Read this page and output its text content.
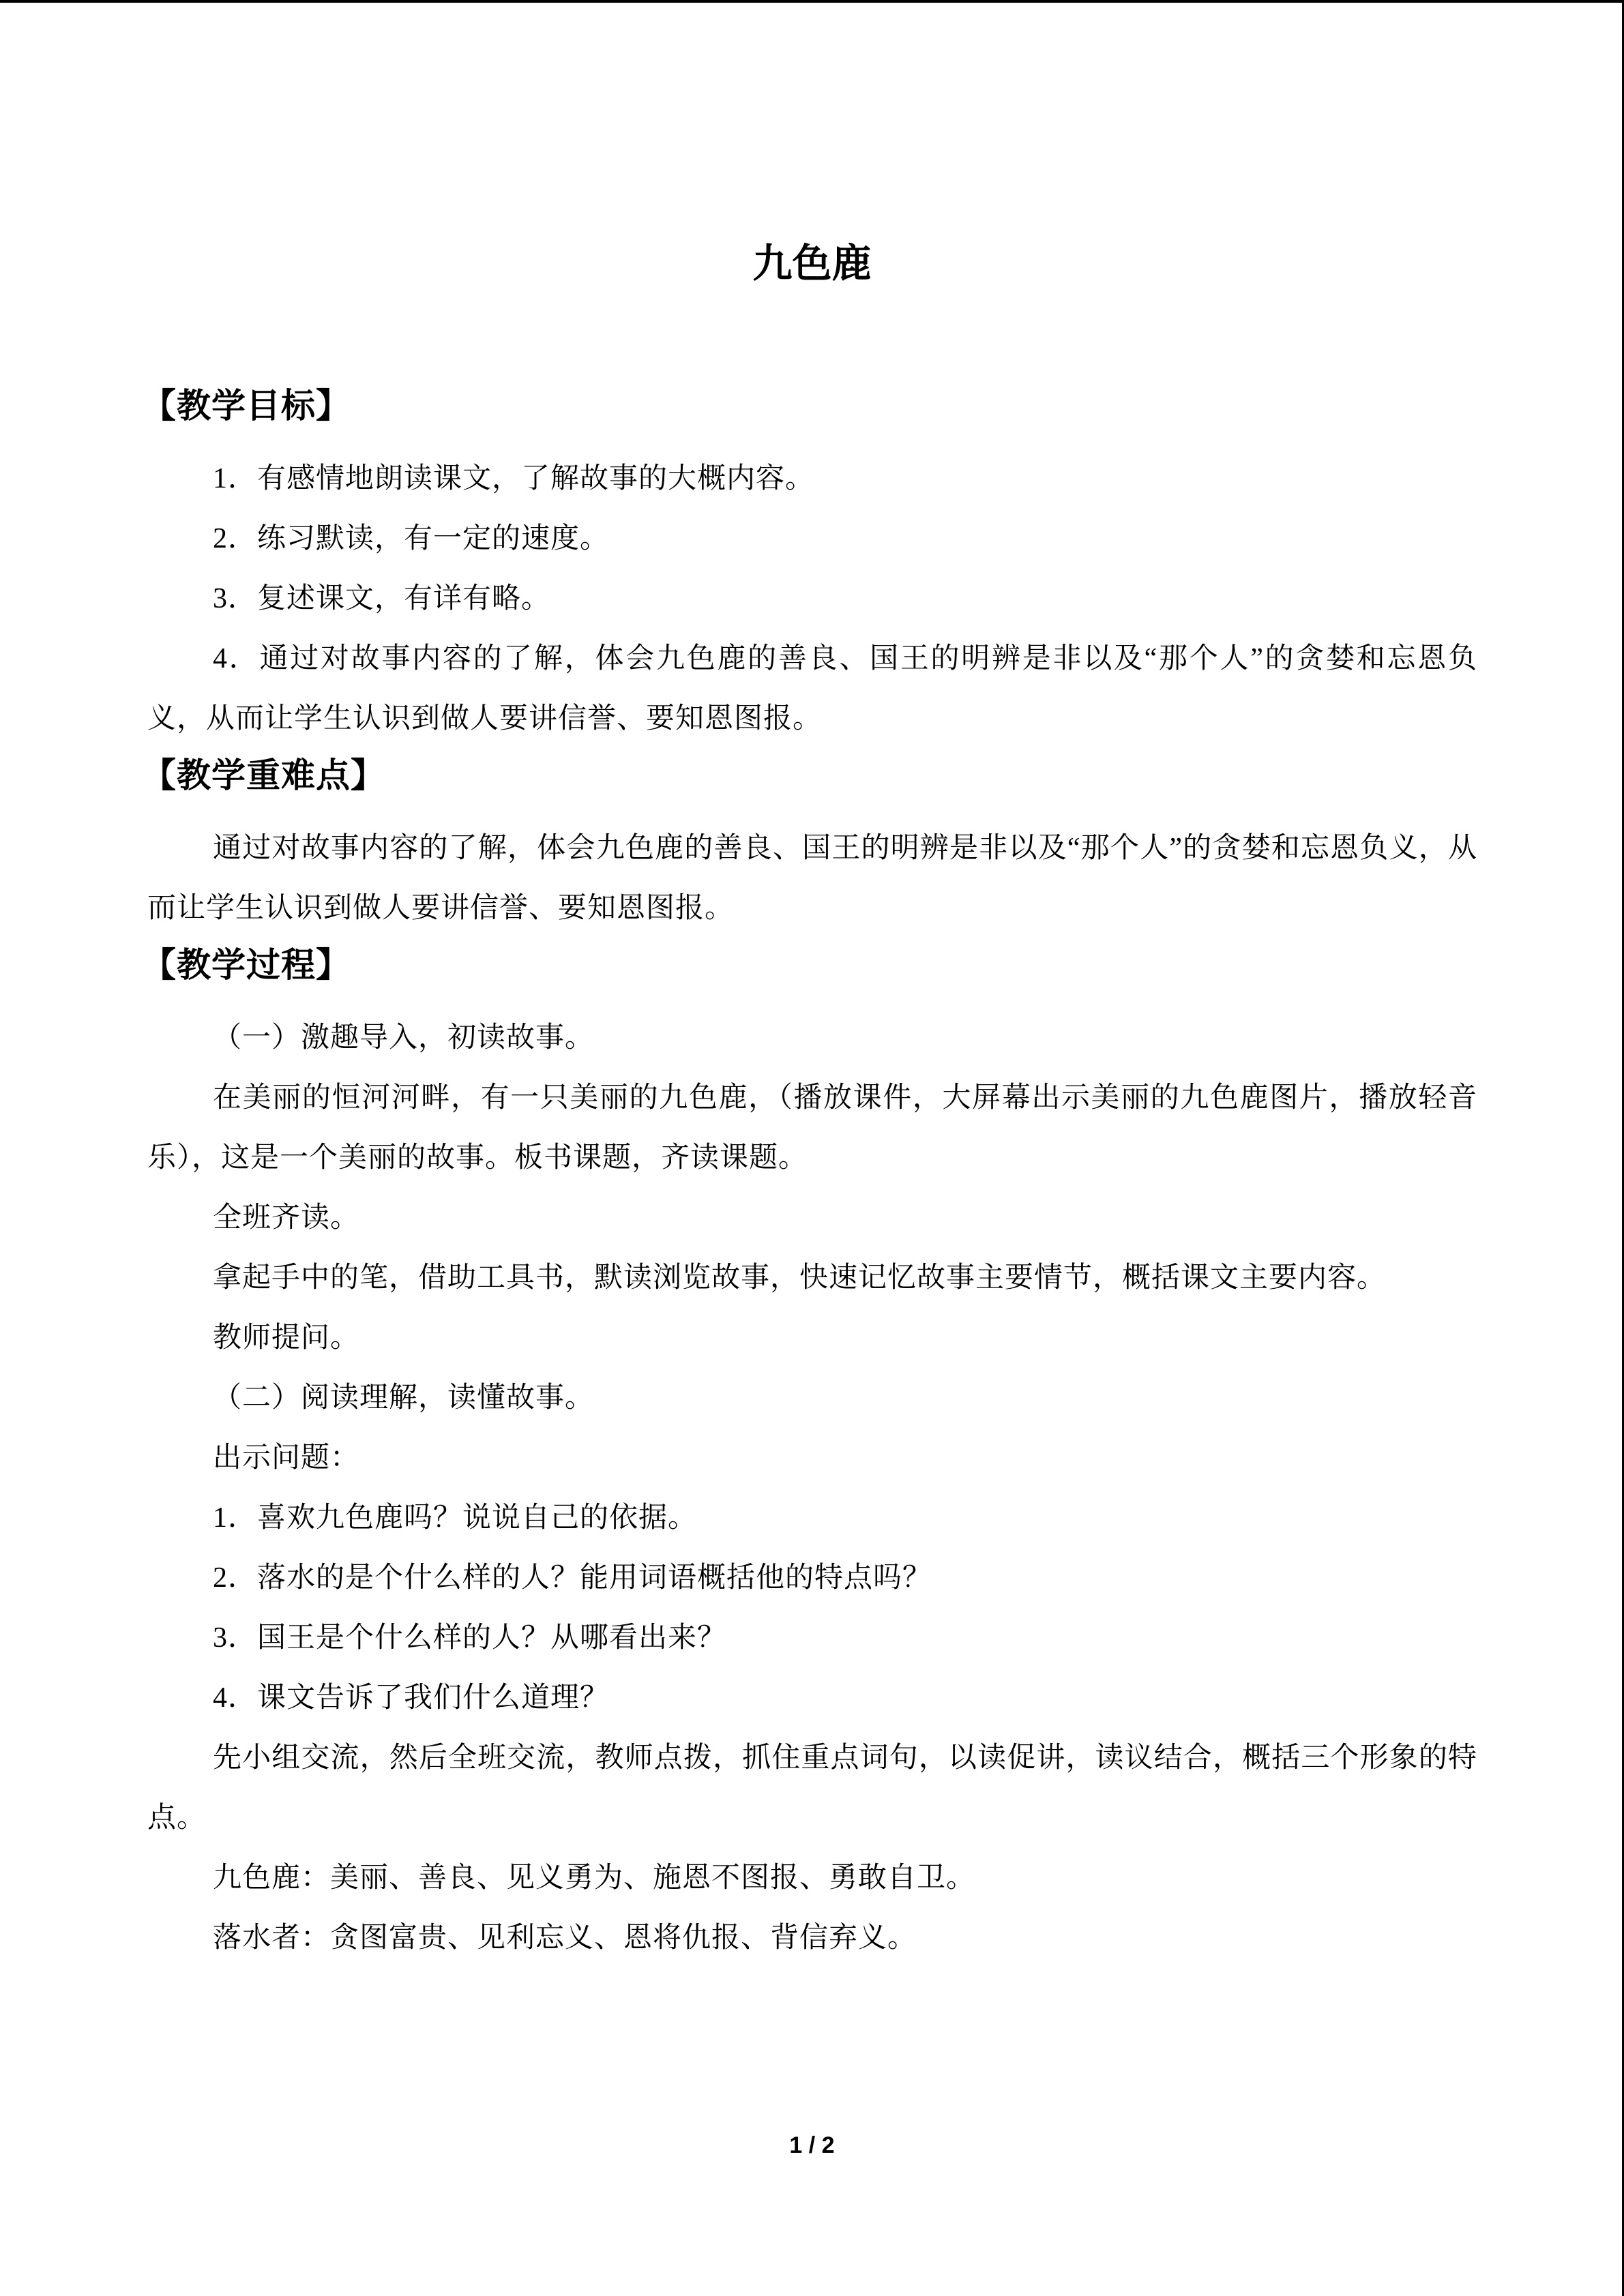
九色鹿
【教学目标】

1．有感情地朗读课文，了解故事的大概内容。

2．练习默读，有一定的速度。

3．复述课文，有详有略。

4．通过对故事内容的了解，体会九色鹿的善良、国王的明辨是非以及“那个人”的贪婪和忘恩负义，从而让学生认识到做人要讲信誉、要知恩图报。

【教学重难点】

通过对故事内容的了解，体会九色鹿的善良、国王的明辨是非以及“那个人”的贪婪和忘恩负义，从而让学生认识到做人要讲信誉、要知恩图报。

【教学过程】

（一）激趣导入，初读故事。

在美丽的恒河河畔，有一只美丽的九色鹿，（播放课件，大屏幕出示美丽的九色鹿图片，播放轻音乐），这是一个美丽的故事。板书课题，齐读课题。

全班齐读。

拿起手中的笔，借助工具书，默读浏览故事，快速记忆故事主要情节，概括课文主要内容。

教师提问。

（二）阅读理解，读懂故事。

出示问题：

1．喜欢九色鹿吗？说说自己的依据。

2．落水的是个什么样的人？能用词语概括他的特点吗？

3．国王是个什么样的人？从哪看出来？

4．课文告诉了我们什么道理？

先小组交流，然后全班交流，教师点拨，抓住重点词句，以读促讲，读议结合，概括三个形象的特点。

九色鹿：美丽、善良、见义勇为、施恩不图报、勇敢自卫。

落水者：贪图富贵、见利忘义、恩将仇报、背信弃义。

1 / 2
